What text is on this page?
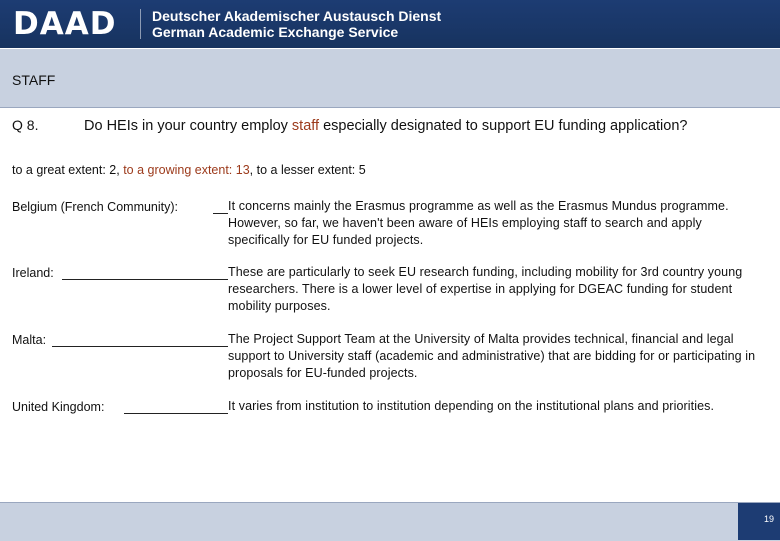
DAAD	Deutscher Akademischer Austausch Dienst
German Academic Exchange Service
STAFF
Q 8.	Do HEIs in your country employ staff especially designated to support EU funding application?
to a great extent: 2, to a growing extent: 13, to a lesser extent: 5
Belgium (French Community):	It concerns mainly the Erasmus programme as well as the Erasmus Mundus programme. However, so far, we haven't been aware of HEIs employing staff to search and apply specifically for EU funded projects.
Ireland:	These are particularly to seek EU research funding, including mobility for 3rd country young researchers. There is a lower level of expertise in applying for DGEAC funding for student mobility purposes.
Malta:	The Project Support Team at the University of Malta provides technical, financial and legal support to University staff (academic and administrative) that are bidding for or participating in proposals for EU-funded projects.
United Kingdom:	It varies from institution to institution depending on the institutional plans and priorities.
19
